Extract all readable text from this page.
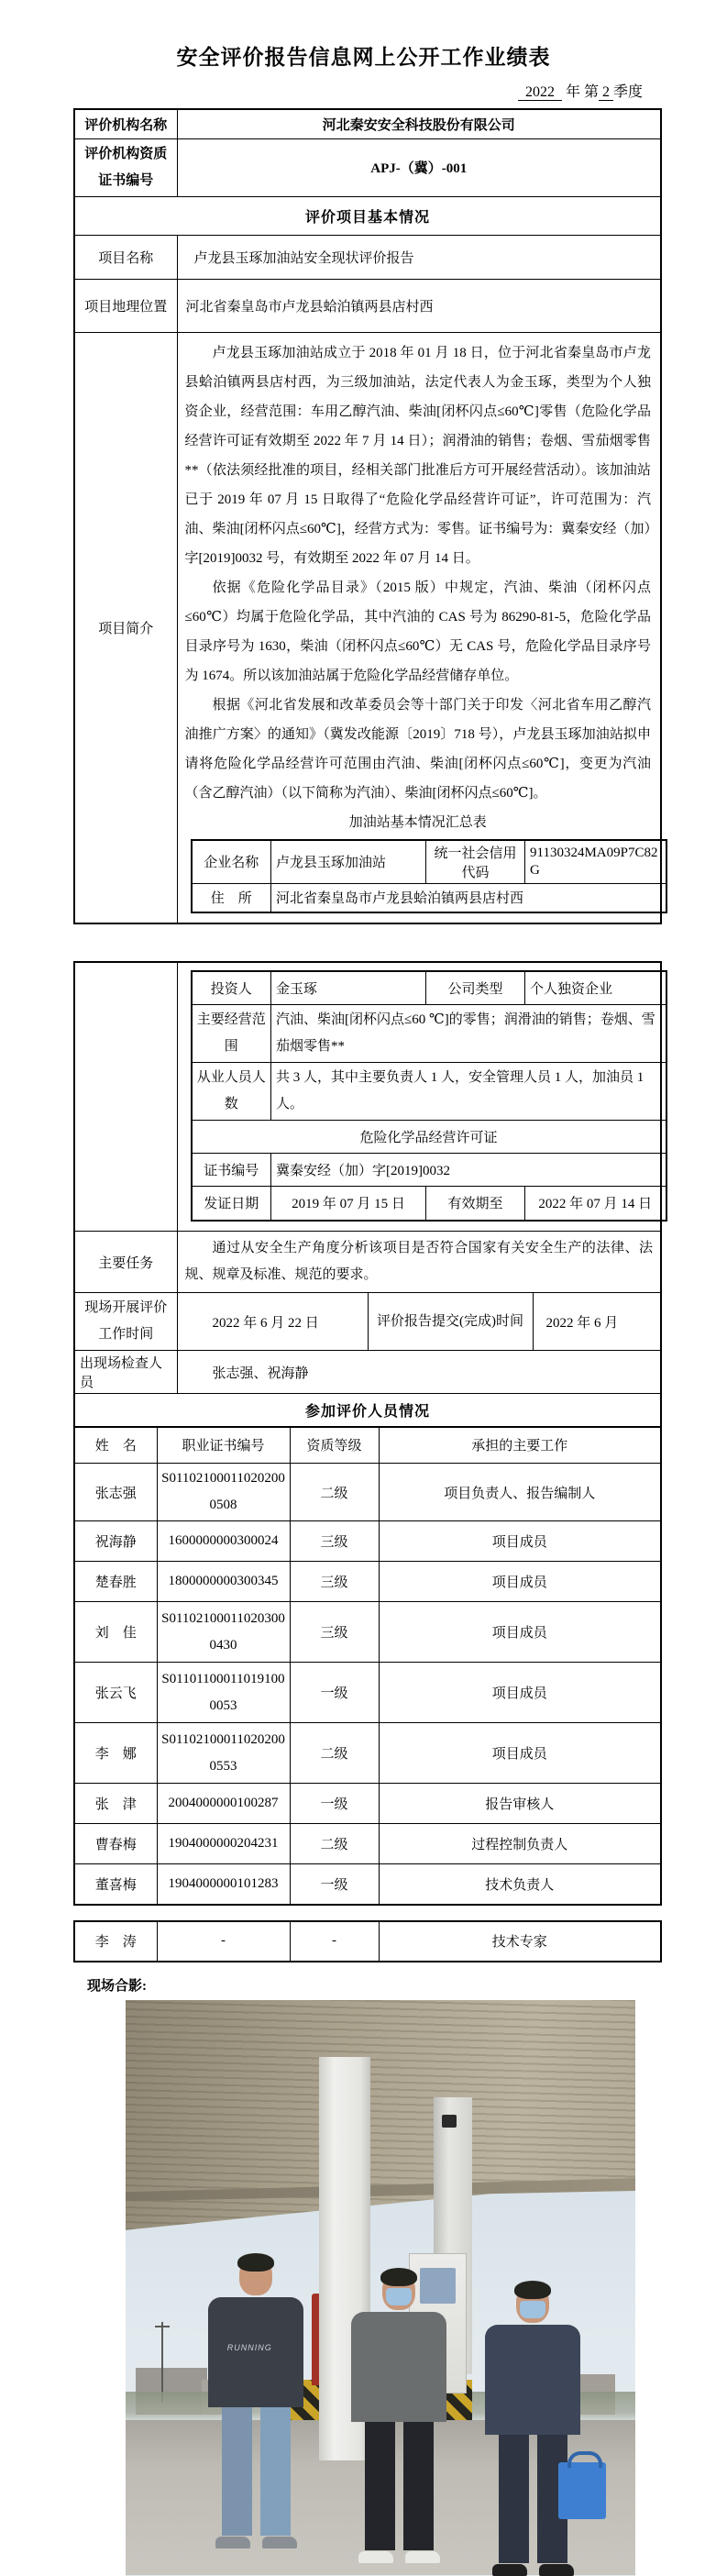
安全评价报告信息网上公开工作业绩表
2022 年 第 2 季度
评价机构名称	河北秦安安全科技股份有限公司
评价机构资质证书编号	APJ-（冀）-001
评价项目基本情况
项目名称	卢龙县玉琢加油站安全现状评价报告
项目地理位置	河北省秦皇岛市卢龙县蛤泊镇两县店村西
项目简介	

卢龙县玉琢加油站成立于 2018 年 01 月 18 日，位于河北省秦皇岛市卢龙县蛤泊镇两县店村西，为三级加油站，法定代表人为金玉琢，类型为个人独资企业，经营范围：车用乙醇汽油、柴油[闭杯闪点≤60℃]零售（危险化学品经营许可证有效期至 2022 年 7 月 14 日）；润滑油的销售；卷烟、雪茄烟零售**（依法须经批准的项目，经相关部门批准后方可开展经营活动）。该加油站已于 2019 年 07 月 15 日取得了“危险化学品经营许可证”，许可范围为：汽油、柴油[闭杯闪点≤60℃]，经营方式为：零售。证书编号为：冀秦安经（加）字[2019]0032 号，有效期至 2022 年 07 月 14 日。

依据《危险化学品目录》（2015 版）中规定，汽油、柴油（闭杯闪点≤60℃）均属于危险化学品，其中汽油的 CAS 号为 86290-81-5，危险化学品目录序号为 1630，柴油（闭杯闪点≤60℃）无 CAS 号，危险化学品目录序号为 1674。所以该加油站属于危险化学品经营储存单位。

根据《河北省发展和改革委员会等十部门关于印发〈河北省车用乙醇汽油推广方案〉的通知》（冀发改能源〔2019〕718 号），卢龙县玉琢加油站拟申请将危险化学品经营许可范围由汽油、柴油[闭杯闪点≤60℃]，变更为汽油（含乙醇汽油）（以下简称为汽油）、柴油[闭杯闪点≤60℃]。

加油站基本情况汇总表

企业名称	卢龙县玉琢加油站	统一社会信用代码	91130324MA09P7C82G
住　所	河北省秦皇岛市卢龙县蛤泊镇两县店村西

投资人	金玉琢	公司类型	个人独资企业
主要经营范围	汽油、柴油[闭杯闪点≤60 ℃]的零售；润滑油的销售；卷烟、雪茄烟零售**
从业人员人数	共 3 人，其中主要负责人 1 人，安全管理人员 1 人，加油员 1 人。
危险化学品经营许可证
证书编号	冀秦安经（加）字[2019]0032
发证日期	2019 年 07 月 15 日	有效期至	2022 年 07 月 14 日

主要任务	通过从安全生产角度分析该项目是否符合国家有关安全生产的法律、法规、规章及标准、规范的要求。
现场开展评价工作时间	2022 年 6 月 22 日	评价报告提交(完成)时间	2022 年 6 月
出现场检查人员	张志强、祝海静
参加评价人员情况
姓　名	职业证书编号	资质等级	承担的主要工作
张志强	S011021000110202000508	二级	项目负责人、报告编制人
祝海静	1600000000300024	三级	项目成员
楚春胜	1800000000300345	三级	项目成员
刘　佳	S011021000110203000430	三级	项目成员
张云飞	S011011000110191000053	一级	项目成员
李　娜	S011021000110202000553	二级	项目成员
张　津	2004000000100287	一级	报告审核人
曹春梅	1904000000204231	二级	过程控制负责人
董喜梅	1904000000101283	一级	技术负责人
李　涛	-	-	技术专家
现场合影:
RUNNING
